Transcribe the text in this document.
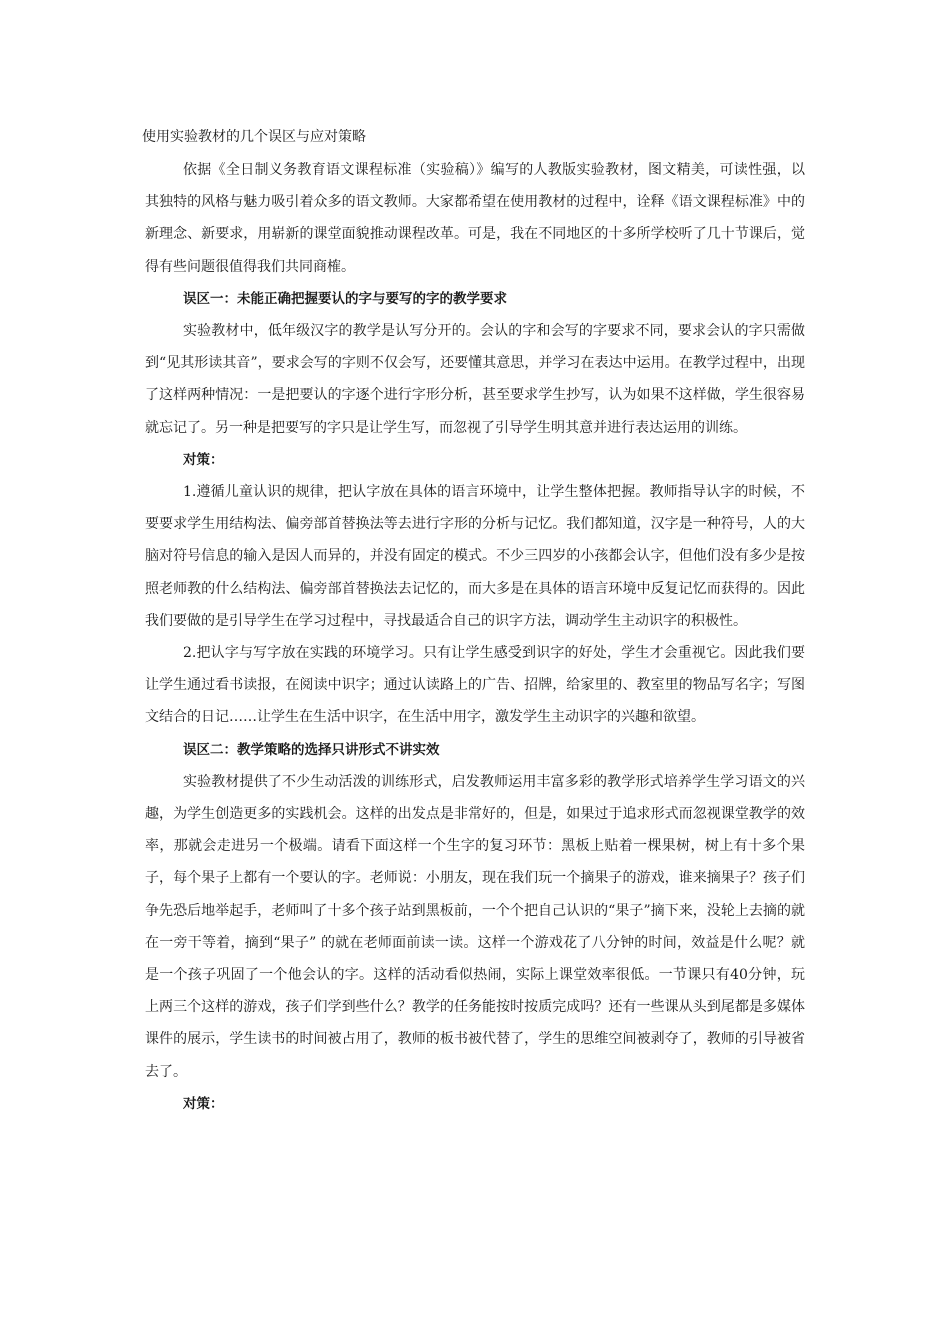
使用实验教材的几个误区与应对策略

依据《全日制义务教育语文课程标准（实验稿）》编写的人教版实验教材，图文精美，可读性强，以其独特的风格与魅力吸引着众多的语文教师。大家都希望在使用教材的过程中，诠释《语文课程标准》中的新理念、新要求，用崭新的课堂面貌推动课程改革。可是，我在不同地区的十多所学校听了几十节课后，觉得有些问题很值得我们共同商榷。

误区一：未能正确把握要认的字与要写的字的教学要求

实验教材中，低年级汉字的教学是认写分开的。会认的字和会写的字要求不同，要求会认的字只需做到“见其形读其音”，要求会写的字则不仅会写，还要懂其意思，并学习在表达中运用。在教学过程中，出现了这样两种情况：一是把要认的字逐个进行字形分析，甚至要求学生抄写，认为如果不这样做，学生很容易就忘记了。另一种是把要写的字只是让学生写，而忽视了引导学生明其意并进行表达运用的训练。

对策：

1.遵循儿童认识的规律，把认字放在具体的语言环境中，让学生整体把握。教师指导认字的时候，不要要求学生用结构法、偏旁部首替换法等去进行字形的分析与记忆。我们都知道，汉字是一种符号，人的大脑对符号信息的输入是因人而异的，并没有固定的模式。不少三四岁的小孩都会认字，但他们没有多少是按照老师教的什么结构法、偏旁部首替换法去记忆的，而大多是在具体的语言环境中反复记忆而获得的。因此我们要做的是引导学生在学习过程中，寻找最适合自己的识字方法，调动学生主动识字的积极性。

2.把认字与写字放在实践的环境学习。只有让学生感受到识字的好处，学生才会重视它。因此我们要让学生通过看书读报，在阅读中识字；通过认读路上的广告、招牌，给家里的、教室里的物品写名字；写图文结合的日记……让学生在生活中识字，在生活中用字，激发学生主动识字的兴趣和欲望。

误区二：教学策略的选择只讲形式不讲实效

实验教材提供了不少生动活泼的训练形式，启发教师运用丰富多彩的教学形式培养学生学习语文的兴趣，为学生创造更多的实践机会。这样的出发点是非常好的，但是，如果过于追求形式而忽视课堂教学的效率，那就会走进另一个极端。请看下面这样一个生字的复习环节：黑板上贴着一棵果树，树上有十多个果子，每个果子上都有一个要认的字。老师说：小朋友，现在我们玩一个摘果子的游戏，谁来摘果子？孩子们争先恐后地举起手，老师叫了十多个孩子站到黑板前，一个个把自己认识的“果子”摘下来，没轮上去摘的就在一旁干等着，摘到“果子” 的就在老师面前读一读。这样一个游戏花了八分钟的时间，效益是什么呢？就是一个孩子巩固了一个他会认的字。这样的活动看似热闹，实际上课堂效率很低。一节课只有40分钟，玩上两三个这样的游戏，孩子们学到些什么？教学的任务能按时按质完成吗？还有一些课从头到尾都是多媒体课件的展示，学生读书的时间被占用了，教师的板书被代替了，学生的思维空间被剥夺了，教师的引导被省去了。

对策：
